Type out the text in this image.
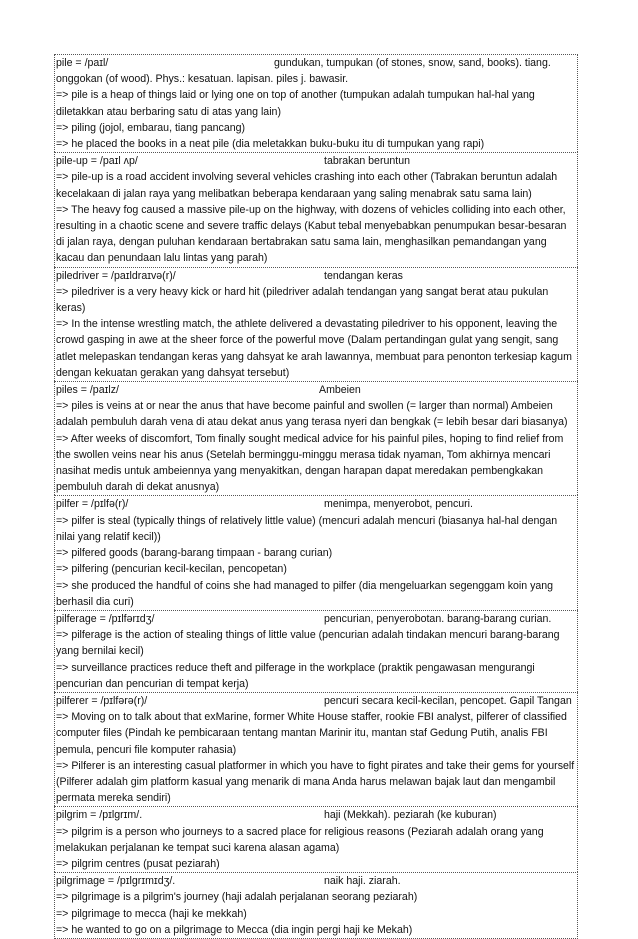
pile = /paɪl/	gundukan, tumpukan (of stones, snow, sand, books). tiang.
onggokan (of wood). Phys.: kesatuan. lapisan. piles j. bawasir.
=> pile is a heap of things laid or lying one on top of another (tumpukan adalah tumpukan hal-hal yang diletakkan atau berbaring satu di atas yang lain)
=> piling (jojol, embarau, tiang pancang)
=> he placed the books in a neat pile (dia meletakkan buku-buku itu di tumpukan yang rapi)
pile-up = /paɪl ʌp/	tabrakan beruntun
=> pile-up is a road accident involving several vehicles crashing into each other (Tabrakan beruntun adalah kecelakaan di jalan raya yang melibatkan beberapa kendaraan yang saling menabrak satu sama lain)
=> The heavy fog caused a massive pile-up on the highway, with dozens of vehicles colliding into each other, resulting in a chaotic scene and severe traffic delays (Kabut tebal menyebabkan penumpukan besar-besaran di jalan raya, dengan puluhan kendaraan bertabrakan satu sama lain, menghasilkan pemandangan yang kacau dan penundaan lalu lintas yang parah)
piledriver = /paɪldraɪvə(r)/	tendangan keras
=> piledriver is a very heavy kick or hard hit (piledriver adalah tendangan yang sangat berat atau pukulan keras)
=> In the intense wrestling match, the athlete delivered a devastating piledriver to his opponent, leaving the crowd gasping in awe at the sheer force of the powerful move (Dalam pertandingan gulat yang sengit, sang atlet melepaskan tendangan keras yang dahsyat ke arah lawannya, membuat para penonton terkesiap kagum dengan kekuatan gerakan yang dahsyat tersebut)
piles = /paɪlz/	Ambeien
=> piles is veins at or near the anus that have become painful and swollen (= larger than normal) Ambeien adalah pembuluh darah vena di atau dekat anus yang terasa nyeri dan bengkak (= lebih besar dari biasanya)
=> After weeks of discomfort, Tom finally sought medical advice for his painful piles, hoping to find relief from the swollen veins near his anus (Setelah berminggu-minggu merasa tidak nyaman, Tom akhirnya mencari nasihat medis untuk ambeiennya yang menyakitkan, dengan harapan dapat meredakan pembengkakan pembuluh darah di dekat anusnya)
pilfer = /pɪlfə(r)/	menimpa, menyerobot, pencuri.
=> pilfer is steal (typically things of relatively little value) (mencuri adalah mencuri (biasanya hal-hal dengan nilai yang relatif kecil))
=> pilfered goods (barang-barang timpaan - barang curian)
=> pilfering (pencurian kecil-kecilan, pencopetan)
=> she produced the handful of coins she had managed to pilfer (dia mengeluarkan segenggam koin yang berhasil dia curi)
pilferage = /pɪlfərɪdʒ/	pencurian, penyerobotan. barang-barang curian.
=> pilferage is the action of stealing things of little value (pencurian adalah tindakan mencuri barang-barang yang bernilai kecil)
=> surveillance practices reduce theft and pilferage in the workplace (praktik pengawasan mengurangi pencurian dan pencurian di tempat kerja)
pilferer = /pɪlfərə(r)/	pencuri secara kecil-kecilan, pencopet. Gapil Tangan
=> Moving on to talk about that exMarine, former White House staffer, rookie FBI analyst, pilferer of classified computer files (Pindah ke pembicaraan tentang mantan Marinir itu, mantan staf Gedung Putih, analis FBI pemula, pencuri file komputer rahasia)
=> Pilferer is an interesting casual platformer in which you have to fight pirates and take their gems for yourself (Pilferer adalah gim platform kasual yang menarik di mana Anda harus melawan bajak laut dan mengambil permata mereka sendiri)
pilgrim = /pɪlgrɪm/.	haji (Mekkah). peziarah (ke kuburan)
=> pilgrim is a person who journeys to a sacred place for religious reasons (Peziarah adalah orang yang melakukan perjalanan ke tempat suci karena alasan agama)
=> pilgrim centres (pusat peziarah)
pilgrimage = /pɪlgrɪmɪdʒ/.	naik haji. ziarah.
=> pilgrimage is a pilgrim's journey (haji adalah perjalanan seorang peziarah)
=> pilgrimage to mecca (haji ke mekkah)
=> he wanted to go on a pilgrimage to Mecca (dia ingin pergi haji ke Mekah)
